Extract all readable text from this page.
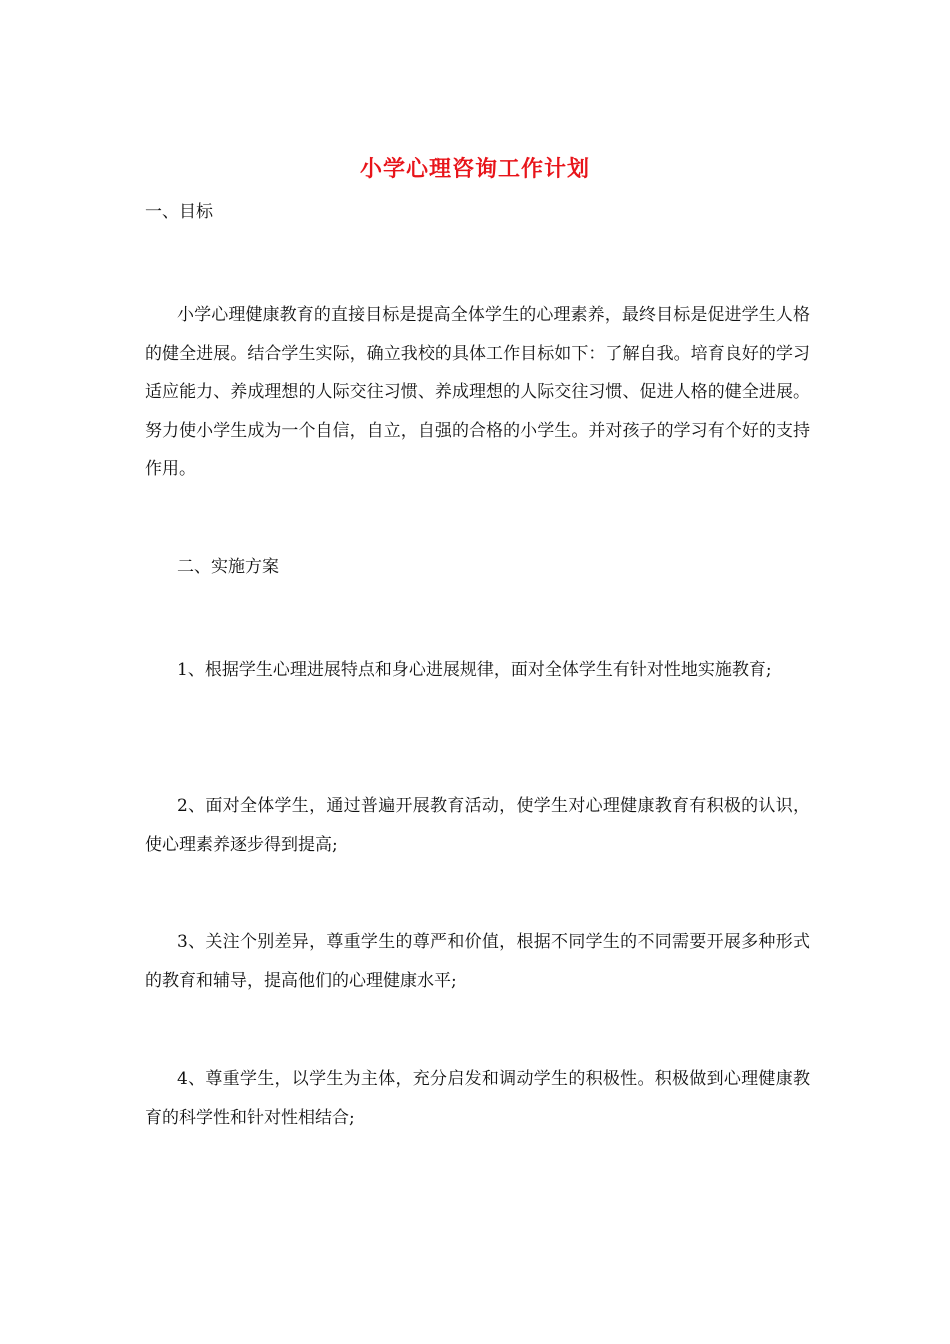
小学心理咨询工作计划
一、目标

小学心理健康教育的直接目标是提高全体学生的心理素养，最终目标是促进学生人格的健全进展。结合学生实际，确立我校的具体工作目标如下：了解自我。培育良好的学习适应能力、养成理想的人际交往习惯、养成理想的人际交往习惯、促进人格的健全进展。努力使小学生成为一个自信，自立，自强的合格的小学生。并对孩子的学习有个好的支持作用。

二、实施方案

1、根据学生心理进展特点和身心进展规律，面对全体学生有针对性地实施教育;

2、面对全体学生，通过普遍开展教育活动，使学生对心理健康教育有积极的认识，使心理素养逐步得到提高;

3、关注个别差异，尊重学生的尊严和价值，根据不同学生的不同需要开展多种形式的教育和辅导，提高他们的心理健康水平;

4、尊重学生，以学生为主体，充分启发和调动学生的积极性。积极做到心理健康教育的科学性和针对性相结合;
